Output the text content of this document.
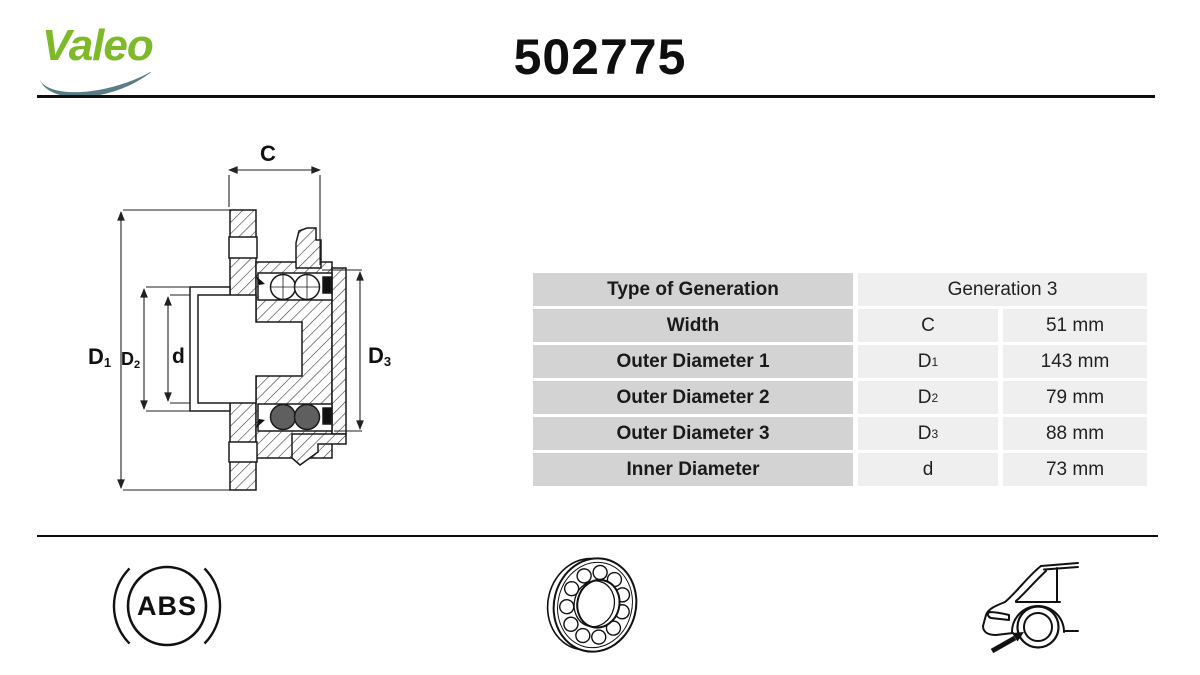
Valeo	502775
C
D1 D2 d	D3
Type of Generation	Generation 3
Width	C	51 mm
Outer Diameter 1	D 1	143 mm
Outer Diameter 2	D 2	79 mm
Outer Diameter 3	D 3	88 mm
Inner Diameter	d	73 mm
ABS
